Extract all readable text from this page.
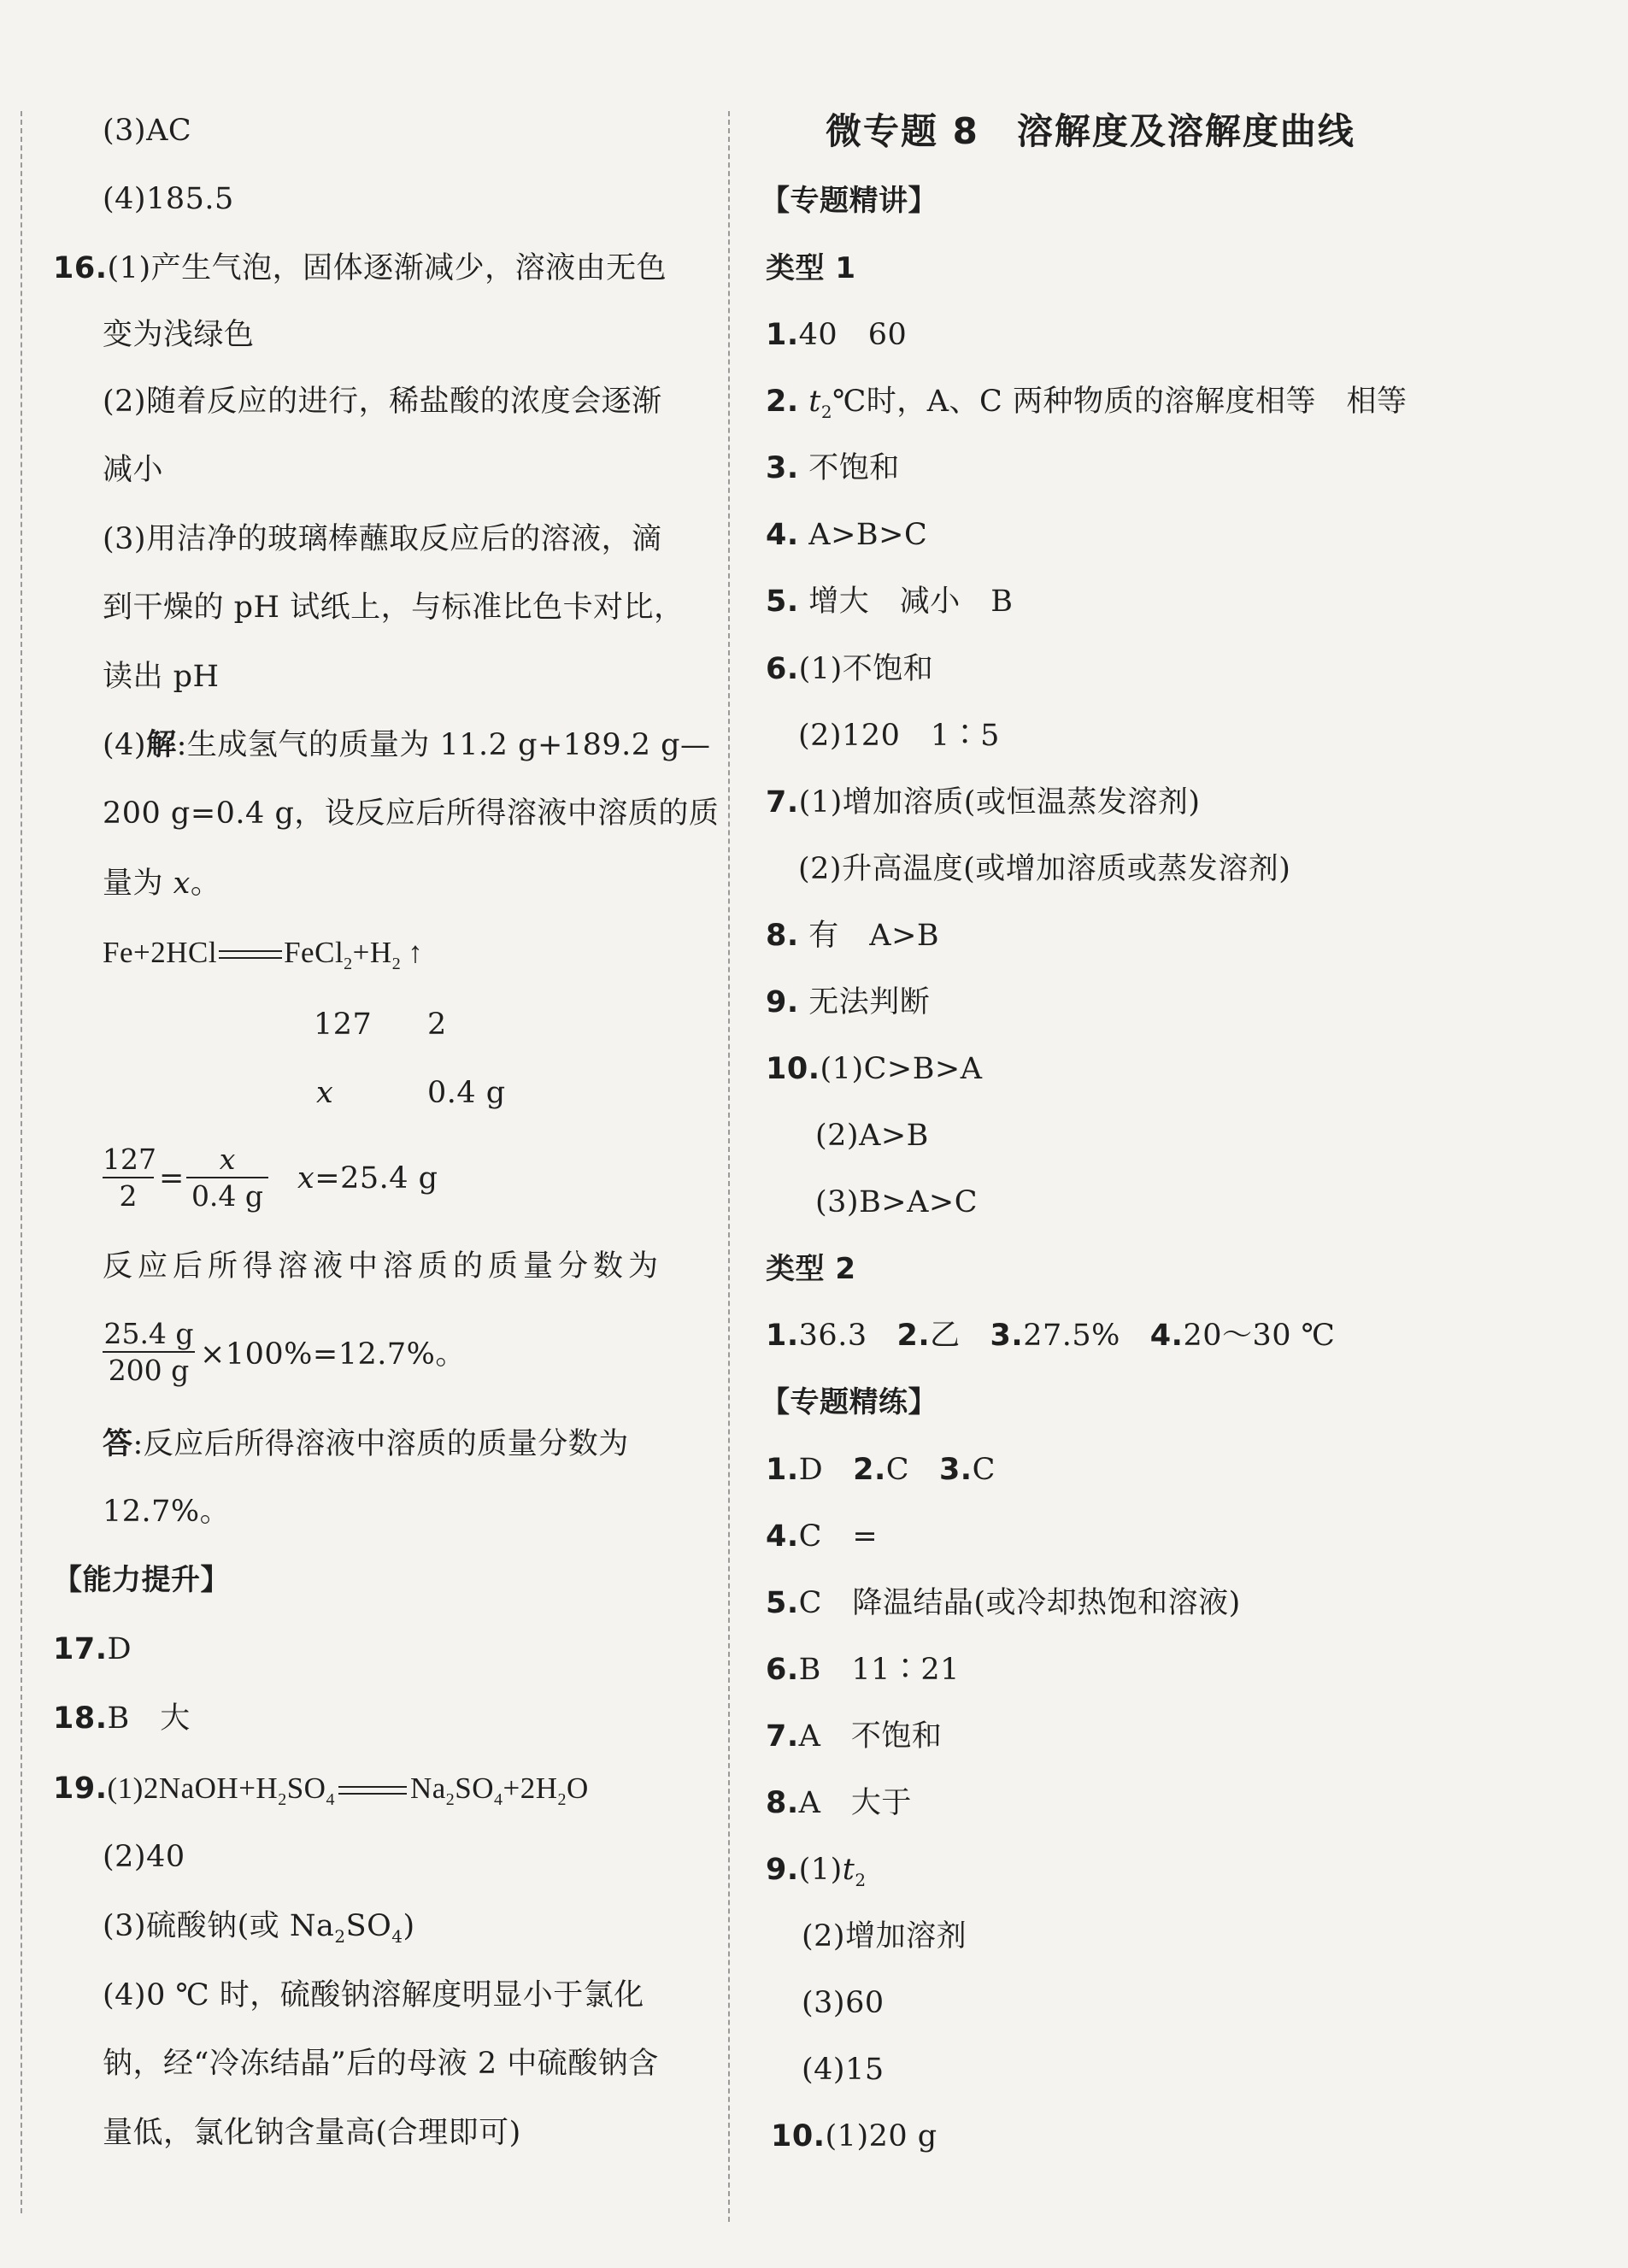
(3)AC
(4)185.5
16.(1)产生气泡，固体逐渐减少，溶液由无色
变为浅绿色
(2)随着反应的进行，稀盐酸的浓度会逐渐
减小
(3)用洁净的玻璃棒蘸取反应后的溶液，滴
到干燥的 pH 试纸上，与标准比色卡对比，
读出 pH
(4)解:生成氢气的质量为 11.2 g+189.2 g—
200 g=0.4 g，设反应后所得溶液中溶质的质
量为 x。
Fe+2HCl $FeCl_2+H_2$ ↑
127 2
x	0.4 g
127
2
=
x
0.4 g
x=25.4 g
反应后所得溶液中溶质的质量分数为
25.4 g
200 g ×100%=12.7%。
答:反应后所得溶液中溶质的质量分数为
12.7%。
【能力提升】
17.D
18.B　大
$19.(1)2NaOH+H_2SO_4$	$Na_2SO_4+2H_2O$
(2)40
(3)硫酸钠(或 $Na_2SO_4$)
(4)0 ℃ 时，硫酸钠溶解度明显小于氯化
钠，经“冷冻结晶”后的母液 2 中硫酸钠含
量低，氯化钠含量高(合理即可)
微专题 8　溶解度及溶解度曲线
【专题精讲】
类型 1
1.40　60
2. $t_2℃$时，A、C 两种物质的溶解度相等　相等
3. 不饱和
4. A>B>C
5. 增大　减小　B
6.(1)不饱和
(2)120　1∶5
7.(1)增加溶质(或恒温蒸发溶剂)
(2)升高温度(或增加溶质或蒸发溶剂)
8. 有　A>B
9. 无法判断
10.(1)C>B>A
(2)A>B
(3)B>A>C
类型 2
1.36.3 2.乙 3.27.5% 4.20～30 ℃
【专题精练】
1.D 2.C 3.C
4.C　=
5.C　降温结晶(或冷却热饱和溶液)
6.B　11∶21
7.A　不饱和
8.A　大于
$9.(1)t_2$
(2)增加溶剂
(3)60
(4)15
10.(1)20 g
